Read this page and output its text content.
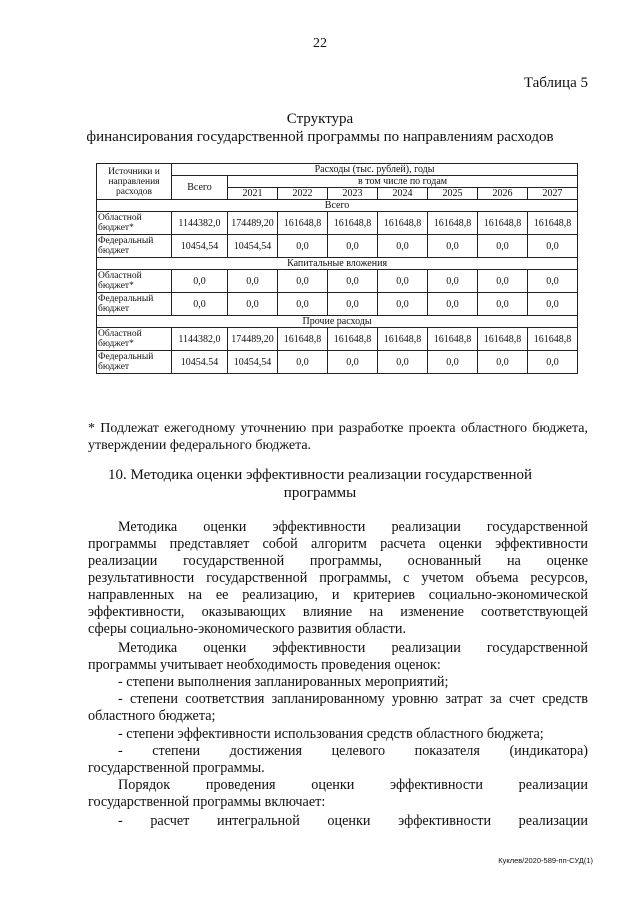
22
Таблица 5
Структура
финансирования государственной программы по направлениям расходов
Источники и направления расходов	Расходы (тыс. рублей), годы							
	Всего	в том числе по годам						
		2021	2022	2023	2024	2025	2026	2027
Всего								
Областной бюджет*	1144382,0	174489,20	161648,8	161648,8	161648,8	161648,8	161648,8	161648,8
Федеральный бюджет	10454,54	10454,54	0,0	0,0	0,0	0,0	0,0	0,0
Капитальные вложения								
Областной бюджет*	0,0	0,0	0,0	0,0	0,0	0,0	0,0	0,0
Федеральный бюджет	0,0	0,0	0,0	0,0	0,0	0,0	0,0	0,0
Прочие расходы								
Областной бюджет*	1144382,0	174489,20	161648,8	161648,8	161648,8	161648,8	161648,8	161648,8
Федеральный бюджет	10454.54	10454,54	0,0	0,0	0,0	0,0	0,0	0,0
* Подлежат ежегодному уточнению при разработке проекта областного бюджета, утверждении федерального бюджета.
10. Методика оценки эффективности реализации государственной
программы
Методика оценки эффективности реализации государственной
программы представляет собой алгоритм расчета оценки эффективности
реализации государственной программы, основанный на оценке
результативности государственной программы, с учетом объема ресурсов,
направленных на ее реализацию, и критериев социально-экономической
эффективности, оказывающих влияние на изменение соответствующей
сферы социально-экономического развития области.
Методика оценки эффективности реализации государственной
программы учитывает необходимость проведения оценок:
- степени выполнения запланированных мероприятий;
- степени соответствия запланированному уровню затрат за счет средств
областного бюджета;
- степени эффективности использования средств областного бюджета;
- степени достижения целевого показателя (индикатора)
государственной программы.
Порядок проведения оценки эффективности реализации
государственной программы включает:
- расчет интегральной оценки эффективности реализации
Куклев/2020-589-пп-СУД(1)
